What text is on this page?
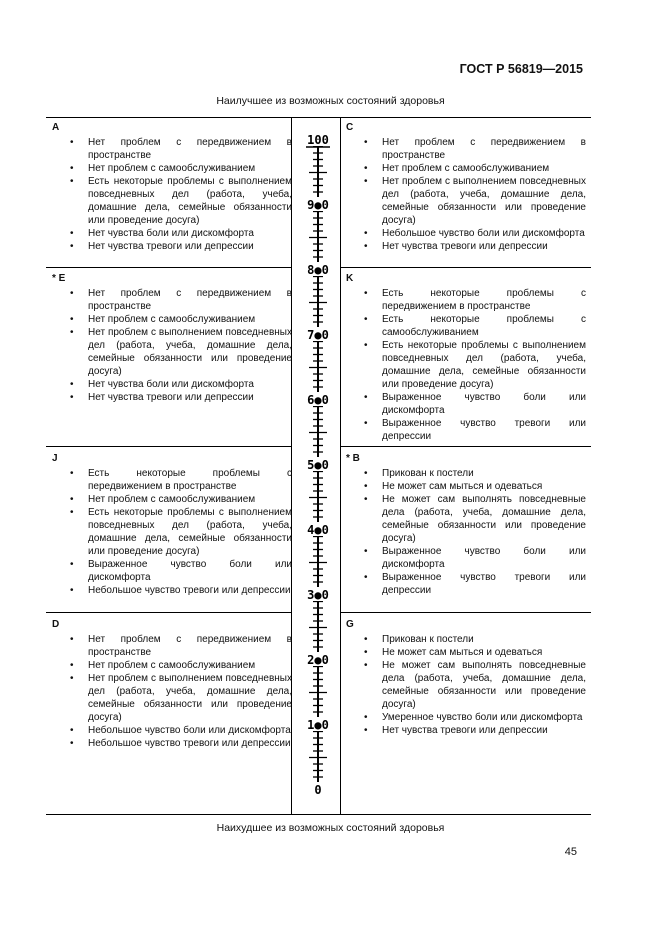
ГОСТ Р 56819—2015
Наилучшее из возможных состояний здоровья
A
• Нет проблем с передвижением в пространстве
• Нет проблем с самообслуживанием
• Есть некоторые проблемы с выполнением повседневных дел (работа, учеба, домашние дела, семейные обязанности или проведение досуга)
• Нет чувства боли или дискомфорта
• Нет чувства тревоги или депрессии
C
• Нет проблем с передвижением в пространстве
• Нет проблем с самообслуживанием
• Нет проблем с выполнением повседневных дел (работа, учеба, домашние дела, семейные обязанности или проведение досуга)
• Небольшое чувство боли или дискомфорта
• Нет чувства тревоги или депрессии
* E
• Нет проблем с передвижением в пространстве
• Нет проблем с самообслуживанием
• Нет проблем с выполнением повседневных дел (работа, учеба, домашние дела, семейные обязанности или проведение досуга)
• Нет чувства боли или дискомфорта
• Нет чувства тревоги или депрессии
K
• Есть некоторые проблемы с передвижением в пространстве
• Есть некоторые проблемы с самообслуживанием
• Есть некоторые проблемы с выполнением повседневных дел (работа, учеба, домашние дела, семейные обязанности или проведение досуга)
• Выраженное чувство боли или дискомфорта
• Выраженное чувство тревоги или депрессии
J
• Есть некоторые проблемы с передвижением в пространстве
• Нет проблем с самообслуживанием
• Есть некоторые проблемы с выполнением повседневных дел (работа, учеба, домашние дела, семейные обязанности или проведение досуга)
• Выраженное чувство боли или дискомфорта
• Небольшое чувство тревоги или депрессии
* B
• Прикован к постели
• Не может сам мыться и одеваться
• Не может сам выполнять повседневные дела (работа, учеба, домашние дела, семейные обязанности или проведение досуга)
• Выраженное чувство боли или дискомфорта
• Выраженное чувство тревоги или депрессии
D
• Нет проблем с передвижением в пространстве
• Нет проблем с самообслуживанием
• Нет проблем с выполнением повседневных дел (работа, учеба, домашние дела, семейные обязанности или проведение досуга)
• Небольшое чувство боли или дискомфорта
• Небольшое чувство тревоги или депрессии
G
• Прикован к постели
• Не может сам мыться и одеваться
• Не может сам выполнять повседневные дела (работа, учеба, домашние дела, семейные обязанности или проведение досуга)
• Умеренное чувство боли или дискомфорта
• Нет чувства тревоги или депрессии
100
9●0
8●0
7●0
6●0
5●0
4●0
3●0
2●0
1●0
0
Наихудшее из возможных состояний здоровья
45
